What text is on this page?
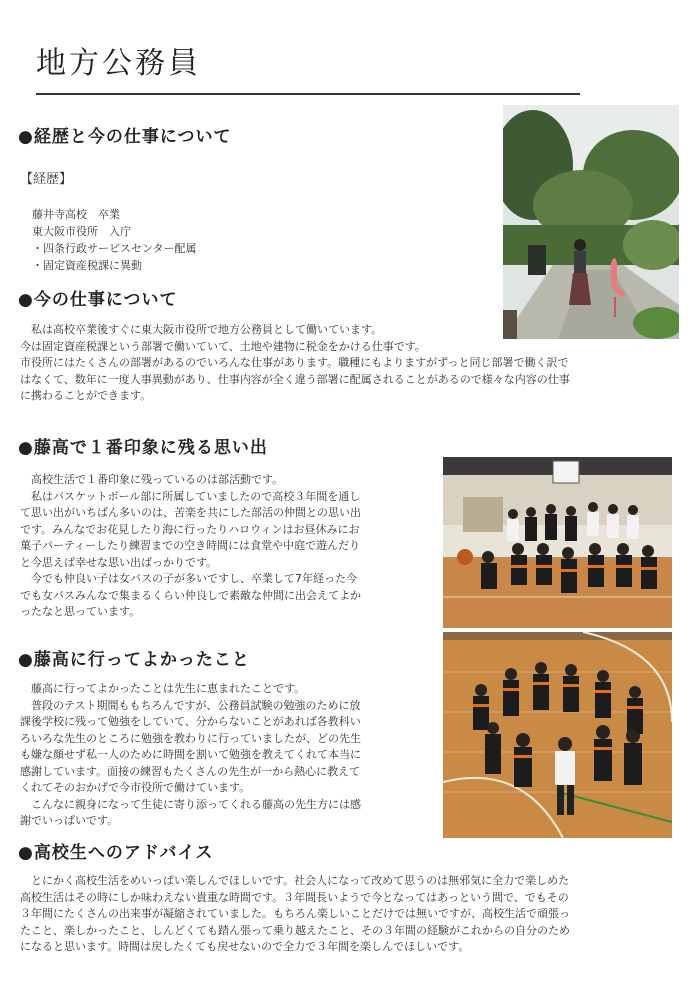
地方公務員
●経歴と今の仕事について
【経歴】

藤井寺高校　卒業

東大阪市役所　入庁

・四条行政サービスセンター配属

・固定資産税課に異動

●今の仕事について

　私は高校卒業後すぐに東大阪市役所で地方公務員として働いています。

今は固定資産税課という部署で働いていて、土地や建物に税金をかける仕事です。

市役所にはたくさんの部署があるのでいろんな仕事があります。職種にもよりますがずっと同じ部署で働く訳で

はなくて、数年に一度人事異動があり、仕事内容が全く違う部署に配属されることがあるので様々な内容の仕事

に携わることができます。

●藤高で１番印象に残る思い出

　高校生活で１番印象に残っているのは部活動です。

　私はバスケットボール部に所属していましたので高校３年間を通し

て思い出がいちばん多いのは、苦楽を共にした部活の仲間との思い出

です。みんなでお花見したり海に行ったりハロウィンはお昼休みにお

菓子パーティーしたり練習までの空き時間には食堂や中庭で遊んだり

と今思えば幸せな思い出ばっかりです。

　今でも仲良い子は女バスの子が多いですし、卒業して7年経った今

でも女バスみんなで集まるくらい仲良しで素敵な仲間に出会えてよか

ったなと思っています。

●藤高に行ってよかったこと

　藤高に行ってよかったことは先生に恵まれたことです。

　普段のテスト期間ももちろんですが、公務員試験の勉強のために放

課後学校に残って勉強をしていて、分からないことがあれば各教科い

ろいろな先生のところに勉強を教わりに行っていましたが、どの先生

も嫌な顔せず私一人のために時間を割いて勉強を教えてくれて本当に

感謝しています。面接の練習もたくさんの先生が一から熱心に教えて

くれてそのおかげで今市役所で働けています。

　こんなに親身になって生徒に寄り添ってくれる藤高の先生方には感

謝でいっぱいです。

●高校生へのアドバイス

　とにかく高校生活をめいっぱい楽しんでほしいです。社会人になって改めて思うのは無邪気に全力で楽しめた

高校生活はその時にしか味わえない貴重な時間です。３年間長いようで今となってはあっという間で、でもその

３年間にたくさんの出来事が凝縮されていました。もちろん楽しいことだけでは無いですが、高校生活で頑張っ

たこと、楽しかったこと、しんどくても踏ん張って乗り越えたこと、その３年間の経験がこれからの自分のため

になると思います。時間は戻したくても戻せないので全力で３年間を楽しんでほしいです。
